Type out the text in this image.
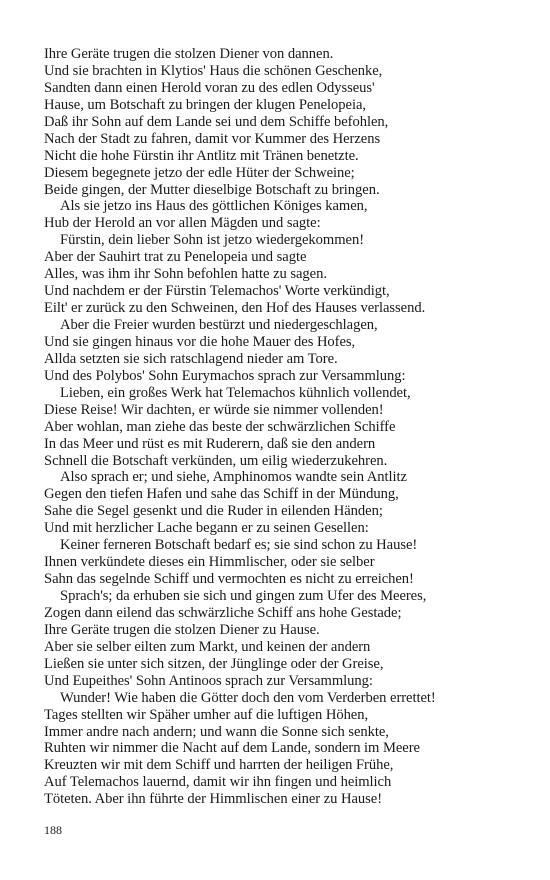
Ihre Geräte trugen die stolzen Diener von dannen.
Und sie brachten in Klytios' Haus die schönen Geschenke,
Sandten dann einen Herold voran zu des edlen Odysseus'
Hause, um Botschaft zu bringen der klugen Penelopeia,
Daß ihr Sohn auf dem Lande sei und dem Schiffe befohlen,
Nach der Stadt zu fahren, damit vor Kummer des Herzens
Nicht die hohe Fürstin ihr Antlitz mit Tränen benetzte.
Diesem begegnete jetzo der edle Hüter der Schweine;
Beide gingen, der Mutter dieselbige Botschaft zu bringen.
Als sie jetzo ins Haus des göttlichen Königes kamen,
Hub der Herold an vor allen Mägden und sagte:
Fürstin, dein lieber Sohn ist jetzo wiedergekommen!
Aber der Sauhirt trat zu Penelopeia und sagte
Alles, was ihm ihr Sohn befohlen hatte zu sagen.
Und nachdem er der Fürstin Telemachos' Worte verkündigt,
Eilt' er zurück zu den Schweinen, den Hof des Hauses verlassend.
Aber die Freier wurden bestürzt und niedergeschlagen,
Und sie gingen hinaus vor die hohe Mauer des Hofes,
Allda setzten sie sich ratschlagend nieder am Tore.
Und des Polybos' Sohn Eurymachos sprach zur Versammlung:
Lieben, ein großes Werk hat Telemachos kühnlich vollendet,
Diese Reise! Wir dachten, er würde sie nimmer vollenden!
Aber wohlan, man ziehe das beste der schwärzlichen Schiffe
In das Meer und rüst es mit Ruderern, daß sie den andern
Schnell die Botschaft verkünden, um eilig wiederzukehren.
Also sprach er; und siehe, Amphinomos wandte sein Antlitz
Gegen den tiefen Hafen und sahe das Schiff in der Mündung,
Sahe die Segel gesenkt und die Ruder in eilenden Händen;
Und mit herzlicher Lache begann er zu seinen Gesellen:
Keiner ferneren Botschaft bedarf es; sie sind schon zu Hause!
Ihnen verkündete dieses ein Himmlischer, oder sie selber
Sahn das segelnde Schiff und vermochten es nicht zu erreichen!
Sprach's; da erhuben sie sich und gingen zum Ufer des Meeres,
Zogen dann eilend das schwärzliche Schiff ans hohe Gestade;
Ihre Geräte trugen die stolzen Diener zu Hause.
Aber sie selber eilten zum Markt, und keinen der andern
Ließen sie unter sich sitzen, der Jünglinge oder der Greise,
Und Eupeithes' Sohn Antinoos sprach zur Versammlung:
Wunder! Wie haben die Götter doch den vom Verderben errettet!
Tages stellten wir Späher umher auf die luftigen Höhen,
Immer andre nach andern; und wann die Sonne sich senkte,
Ruhten wir nimmer die Nacht auf dem Lande, sondern im Meere
Kreuzten wir mit dem Schiff und harrten der heiligen Frühe,
Auf Telemachos lauernd, damit wir ihn fingen und heimlich
Töteten. Aber ihn führte der Himmlischen einer zu Hause!
188
